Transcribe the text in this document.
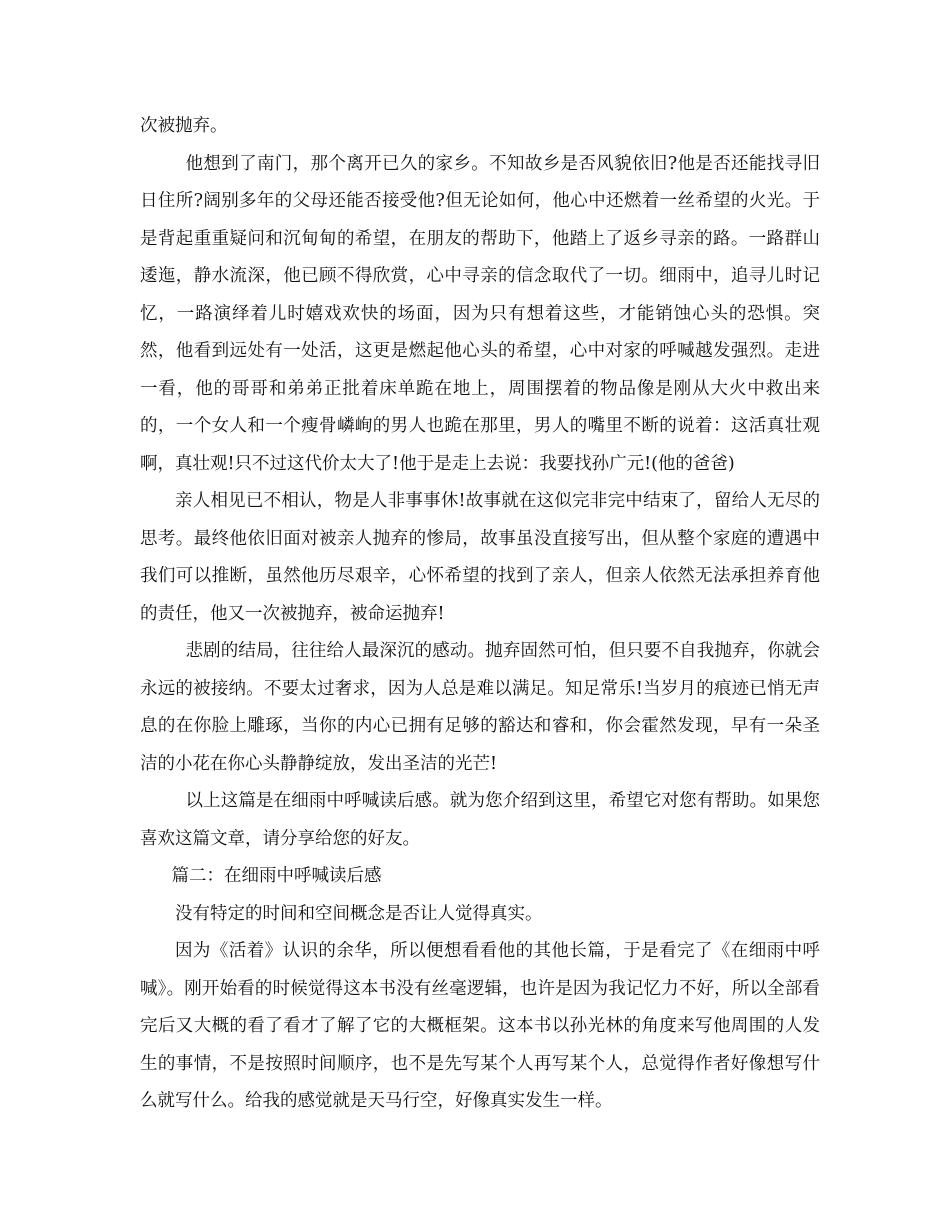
次被抛弃。

他想到了南门，那个离开已久的家乡。不知故乡是否风貌依旧?他是否还能找寻旧日住所?阔别多年的父母还能否接受他?但无论如何，他心中还燃着一丝希望的火光。于是背起重重疑问和沉甸甸的希望，在朋友的帮助下，他踏上了返乡寻亲的路。一路群山逶迤，静水流深，他已顾不得欣赏，心中寻亲的信念取代了一切。细雨中，追寻儿时记忆，一路演绎着儿时嬉戏欢快的场面，因为只有想着这些，才能销蚀心头的恐惧。突然，他看到远处有一处活，这更是燃起他心头的希望，心中对家的呼喊越发强烈。走进一看，他的哥哥和弟弟正批着床单跪在地上，周围摆着的物品像是刚从大火中救出来的，一个女人和一个瘦骨嶙峋的男人也跪在那里，男人的嘴里不断的说着：这活真壮观啊，真壮观!只不过这代价太大了!他于是走上去说：我要找孙广元!(他的爸爸)

亲人相见已不相认，物是人非事事休!故事就在这似完非完中结束了，留给人无尽的思考。最终他依旧面对被亲人抛弃的惨局，故事虽没直接写出，但从整个家庭的遭遇中我们可以推断，虽然他历尽艰辛，心怀希望的找到了亲人，但亲人依然无法承担养育他的责任，他又一次被抛弃，被命运抛弃!

悲剧的结局，往往给人最深沉的感动。抛弃固然可怕，但只要不自我抛弃，你就会永远的被接纳。不要太过奢求，因为人总是难以满足。知足常乐!当岁月的痕迹已悄无声息的在你脸上雕琢，当你的内心已拥有足够的豁达和睿和，你会霍然发现，早有一朵圣洁的小花在你心头静静绽放，发出圣洁的光芒!

以上这篇是在细雨中呼喊读后感。就为您介绍到这里，希望它对您有帮助。如果您喜欢这篇文章，请分享给您的好友。

篇二：在细雨中呼喊读后感

没有特定的时间和空间概念是否让人觉得真实。

因为《活着》认识的余华，所以便想看看他的其他长篇，于是看完了《在细雨中呼喊》。刚开始看的时候觉得这本书没有丝毫逻辑，也许是因为我记忆力不好，所以全部看完后又大概的看了看才了解了它的大概框架。这本书以孙光林的角度来写他周围的人发生的事情，不是按照时间顺序，也不是先写某个人再写某个人，总觉得作者好像想写什么就写什么。给我的感觉就是天马行空，好像真实发生一样。
